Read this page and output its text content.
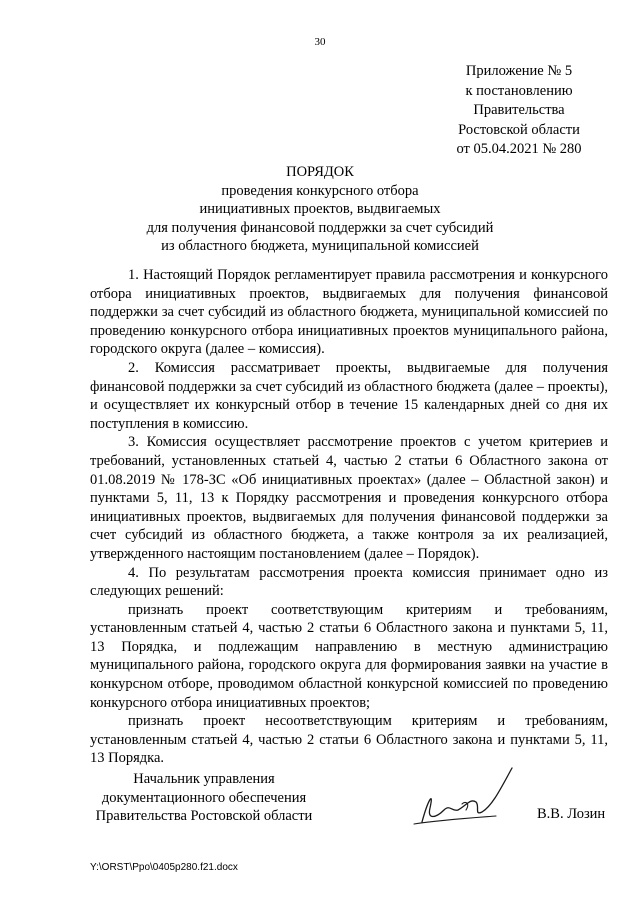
30
Приложение № 5
к постановлению
Правительства
Ростовской области
от 05.04.2021 № 280
ПОРЯДОК
проведения конкурсного отбора
инициативных проектов, выдвигаемых
для получения финансовой поддержки за счет субсидий
из областного бюджета, муниципальной комиссией

1. Настоящий Порядок регламентирует правила рассмотрения и конкурсного отбора инициативных проектов, выдвигаемых для получения финансовой поддержки за счет субсидий из областного бюджета, муниципальной комиссией по проведению конкурсного отбора инициативных проектов муниципального района, городского округа (далее – комиссия).

2. Комиссия рассматривает проекты, выдвигаемые для получения финансовой поддержки за счет субсидий из областного бюджета (далее – проекты), и осуществляет их конкурсный отбор в течение 15 календарных дней со дня их поступления в комиссию.

3. Комиссия осуществляет рассмотрение проектов с учетом критериев и требований, установленных статьей 4, частью 2 статьи 6 Областного закона от 01.08.2019 № 178-ЗС «Об инициативных проектах» (далее – Областной закон) и пунктами 5, 11, 13 к Порядку рассмотрения и проведения конкурсного отбора инициативных проектов, выдвигаемых для получения финансовой поддержки за счет субсидий из областного бюджета, а также контроля за их реализацией, утвержденного настоящим постановлением (далее – Порядок).

4. По результатам рассмотрения проекта комиссия принимает одно из следующих решений:

признать проект соответствующим критериям и требованиям, установленным статьей 4, частью 2 статьи 6 Областного закона и пунктами 5, 11, 13 Порядка, и подлежащим направлению в местную администрацию муниципального района, городского округа для формирования заявки на участие в конкурсном отборе, проводимом областной конкурсной комиссией по проведению конкурсного отбора инициативных проектов;

признать проект несоответствующим критериям и требованиям, установленным статьей 4, частью 2 статьи 6 Областного закона и пунктами 5, 11, 13 Порядка.

Начальник управления
документационного обеспечения
Правительства Ростовской области	В.В. Лозин
Y:\ORST\Ppo\0405p280.f21.docx
